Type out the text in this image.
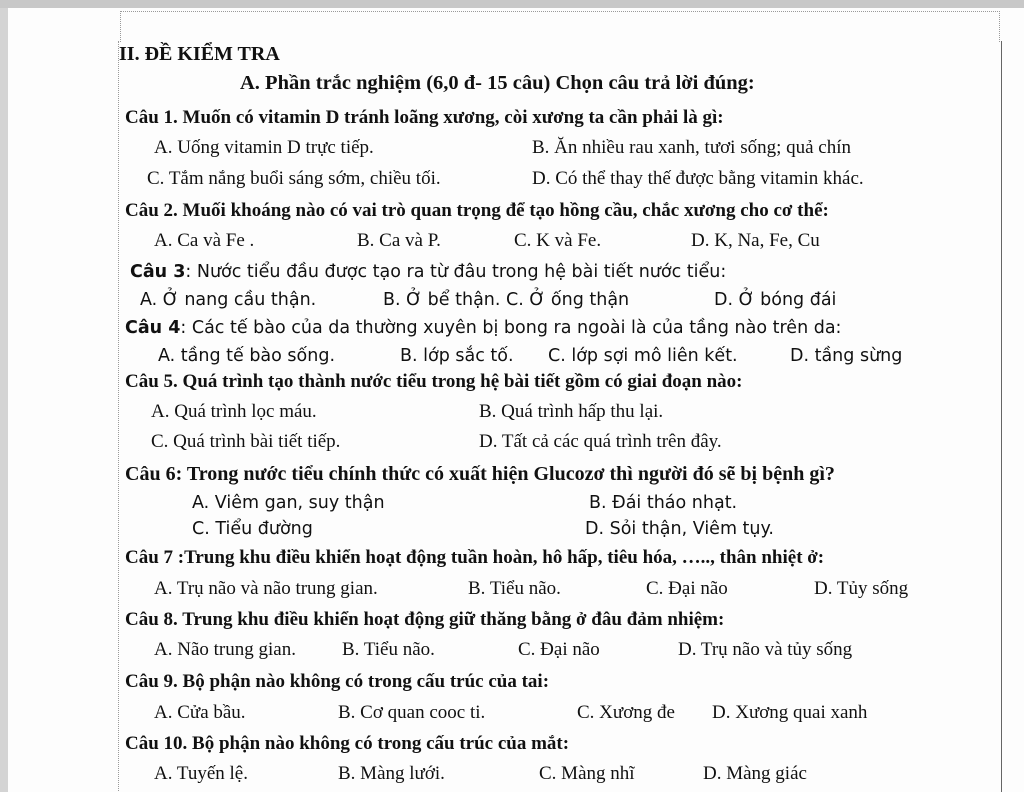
II. ĐỀ KIỂM TRA
A. Phần trắc nghiệm (6,0 đ- 15 câu) Chọn câu trả lời đúng:
Câu 1. Muốn có vitamin D tránh loãng xương, còi xương ta cần phải là gì:
A. Uống vitamin D trực tiếp.	B. Ăn nhiều rau xanh, tươi sống; quả chín
C. Tắm nắng buổi sáng sớm, chiều tối.	D. Có thể thay thế được bằng vitamin khác.
Câu 2. Muối khoáng nào có vai trò quan trọng để tạo hồng cầu, chắc xương cho cơ thể:
A. Ca và Fe .	B. Ca và P.	C. K và Fe.	D. K, Na, Fe, Cu
Câu 3: Nước tiểu đầu được tạo ra từ đâu trong hệ bài tiết nước tiểu:
A. Ở nang cầu thận.	B. Ở bể thận. C. Ở ống thận	D. Ở bóng đái
Câu 4: Các tế bào của da thường xuyên bị bong ra ngoài là của tầng nào trên da:
A. tầng tế bào sống.	B. lớp sắc tố. C. lớp sợi mô liên kết.	D. tầng sừng
Câu 5. Quá trình tạo thành nước tiểu trong hệ bài tiết gồm có giai đoạn nào:
A. Quá trình lọc máu.	B. Quá trình hấp thu lại.
C. Quá trình bài tiết tiếp.	D. Tất cả các quá trình trên đây.
Câu 6: Trong nước tiểu chính thức có xuất hiện Glucozơ thì người đó sẽ bị bệnh gì?
A. Viêm gan, suy thận	B. Đái tháo nhạt.
C. Tiểu đường	D. Sỏi thận, Viêm tụy.
Câu 7 :Trung khu điều khiển hoạt động tuần hoàn, hô hấp, tiêu hóa, ….., thân nhiệt ở:
A. Trụ não và não trung gian.	B. Tiểu não.	C. Đại não	D. Tủy sống
Câu 8. Trung khu điều khiển hoạt động giữ thăng bằng ở đâu đảm nhiệm:
A. Não trung gian. B. Tiểu não.	C. Đại não	D. Trụ não và tủy sống
Câu 9. Bộ phận nào không có trong cấu trúc của tai:
A. Cửa bầu.	B. Cơ quan cooc ti.	C. Xương đe D. Xương quai xanh
Câu 10. Bộ phận nào không có trong cấu trúc của mắt:
A. Tuyến lệ.	B. Màng lưới.	C. Màng nhĩ	D. Màng giác
